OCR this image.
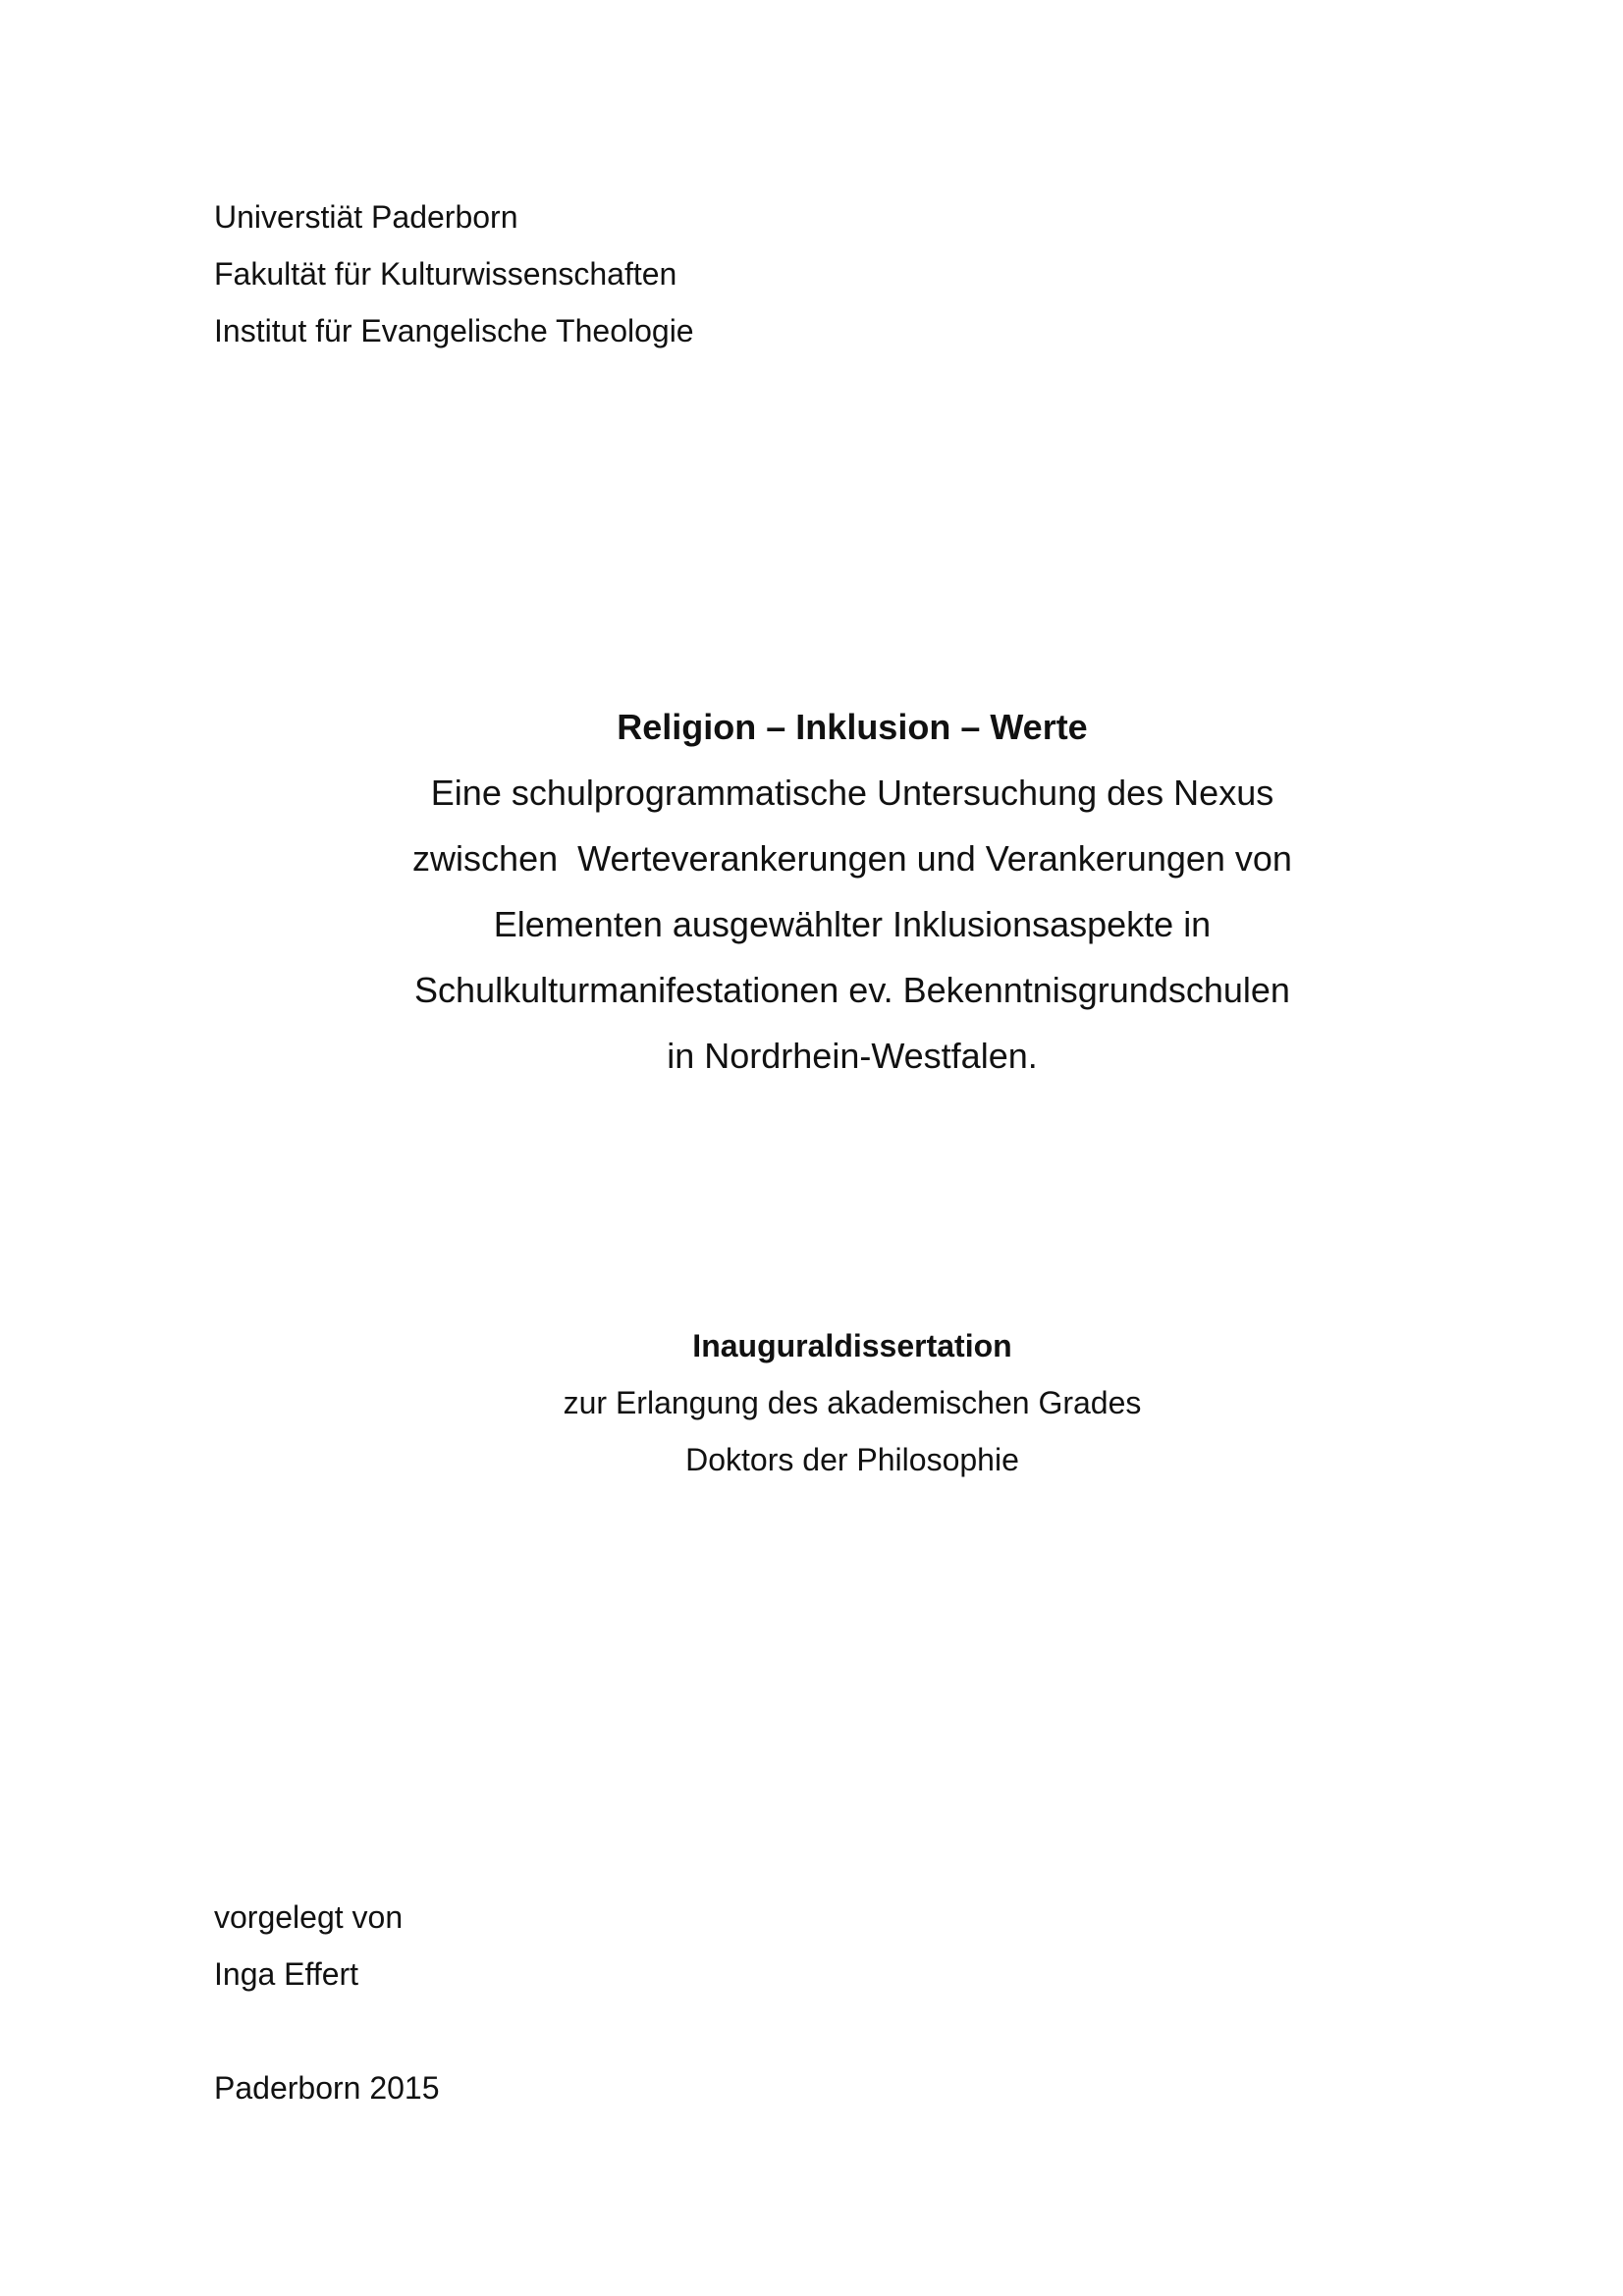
Universtiät Paderborn
Fakultät für Kulturwissenschaften
Institut für Evangelische Theologie
Religion – Inklusion – Werte
Eine schulprogrammatische Untersuchung des Nexus
zwischen  Werteverankerungen und Verankerungen von
Elementen ausgewählter Inklusionsaspekte in
Schulkulturmanifestationen ev. Bekenntnisgrundschulen
in Nordrhein-Westfalen.
Inauguraldissertation
zur Erlangung des akademischen Grades
Doktors der Philosophie
vorgelegt von
Inga Effert
Paderborn 2015
